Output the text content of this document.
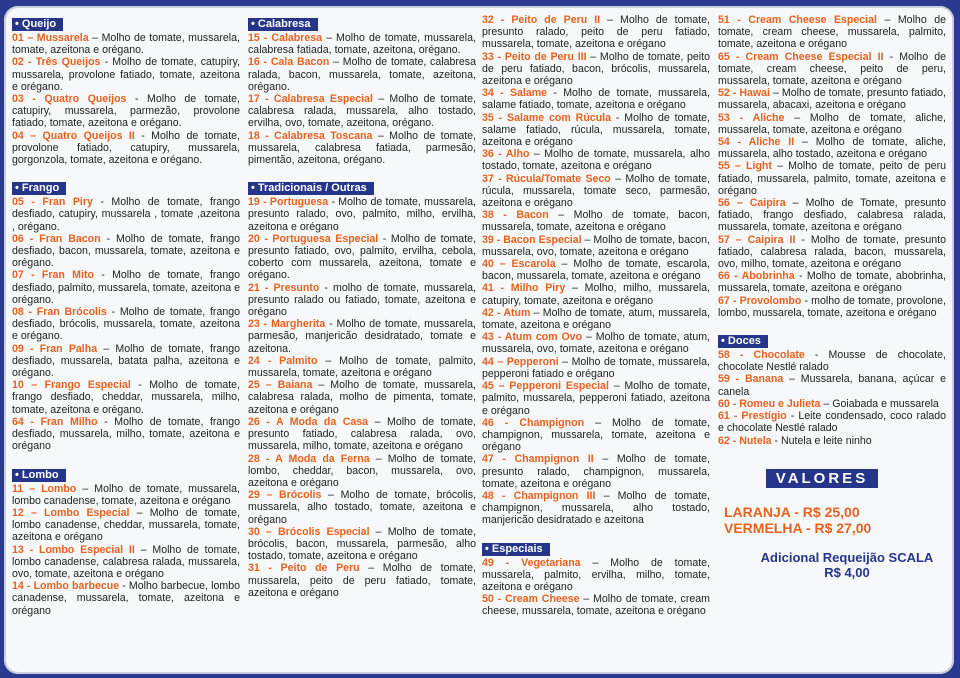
• Queijo
01 – Mussarela – Molho de tomate, mussarela, tomate, azeitona e orégano.
02 - Três Queijos - Molho de tomate, catupiry, mussarela, provolone fatiado, tomate, azeitona e orégano.
03 - Quatro Queijos - Molho de tomate, catupiry, mussarela, parmezão, provolone fatiado, tomate, azeitona e orégano.
04 – Quatro Queijos II - Molho de tomate, provolone fatiado, catupiry, mussarela, gorgonzola, tomate, azeitona e orégano.
• Frango
05 - Fran Piry - Molho de tomate, frango desfiado, catupiry, mussarela , tomate ,azeitona , orégano.
06 - Fran Bacon - Molho de tomate, frango desfiado, bacon, mussarela, tomate, azeitona e orégano.
07 - Fran Mito - Molho de tomate, frango desfiado, palmito, mussarela, tomate, azeitona e orégano.
08 - Fran Brócolis - Molho de tomate, frango desfiado, brócolis, mussarela, tomate, azeitona e orégano.
09 - Fran Palha – Molho de tomate, frango desfiado, mussarela, batata palha, azeitona e orégano.
10 – Frango Especial - Molho de tomate, frango desfiado, cheddar, mussarela, milho, tomate, azeitona e orégano.
64 - Fran Milho - Molho de tomate, frango desfiado, mussarela, milho, tomate, azeitona e orégano
• Lombo
11 – Lombo – Molho de tomate, mussarela, lombo canadense, tomate, azeitona e orégano
12 – Lombo Especial – Molho de tomate, lombo canadense, cheddar, mussarela, tomate, azeitona e orégano
13 - Lombo Especial II – Molho de tomate, lombo canadense, calabresa ralada, mussarela, ovo, tomate, azeitona e orégano
14 - Lombo barbecue - Molho barbecue, lombo canadense, mussarela, tomate, azeitona e orégano
• Calabresa
15 - Calabresa – Molho de tomate, mussarela, calabresa fatiada, tomate, azeitona, orégano.
16 - Cala Bacon – Molho de tomate, calabresa ralada, bacon, mussarela, tomate, azeitona, orégano.
17 - Calabresa Especial – Molho de tomate, calabresa ralada, mussarela, alho tostado, ervilha, ovo, tomate, azeitona, orégano.
18 - Calabresa Toscana – Molho de tomate, mussarela, calabresa fatiada, parmesão, pimentão, azeitona, orégano.
• Tradicionais / Outras
19 - Portuguesa - Molho de tomate, mussarela, presunto ralado, ovo, palmito, milho, ervilha, azeitona e orégano
20 - Portuguesa Especial - Molho de tomate, presunto fatiado, ovo, palmito, ervilha, cebola, coberto com mussarela, azeitona, tomate e orégano.
21 - Presunto - molho de tomate, mussarela, presunto ralado ou fatiado, tomate, azeitona e orégano
23 - Margherita - Molho de tomate, mussarela, parmesão, manjericão desidratado, tomate e azeitona.
24 - Palmito – Molho de tomate, palmito, mussarela, tomate, azeitona e orégano
25 – Baiana – Molho de tomate, mussarela, calabresa ralada, molho de pimenta, tomate, azeitona e orégano
26 - A Moda da Casa – Molho de tomate, presunto fatiado, calabresa ralada, ovo, mussarela, milho, tomate, azeitona e orégano
28 - A Moda da Ferna – Molho de tomate, lombo, cheddar, bacon, mussarela, ovo, azeitona e orégano
29 – Brócolis – Molho de tomate, brócolis, mussarela, alho tostado, tomate, azeitona e orégano
30 – Brócolis Especial – Molho de tomate, brócolis, bacon, mussarela, parmesão, alho tostado, tomate, azeitona e orégano
31 - Peito de Peru – Molho de tomate, mussarela, peito de peru fatiado, tomate, azeitona e orégano
32 - Peito de Peru II – Molho de tomate, presunto ralado, peito de peru fatiado, mussarela, tomate, azeitona e orégano
33 - Peito de Peru III – Molho de tomate, peito de peru fatiado, bacon, brócolis, mussarela, azeitona e orégano
34 - Salame - Molho de tomate, mussarela, salame fatiado, tomate, azeitona e orégano
35 - Salame com Rúcula - Molho de tomate, salame fatiado, rúcula, mussarela, tomate, azeitona e orégano
36 - Alho – Molho de tomate, mussarela, alho tostado, tomate, azeitona e orégano
37 - Rúcula/Tomate Seco – Molho de tomate, rúcula, mussarela, tomate seco, parmesão, azeitona e orégano
38 - Bacon – Molho de tomate, bacon, mussarela, tomate, azeitona e orégano
39 - Bacon Especial – Molho de tomate, bacon, mussarela, ovo, tomate, azeitona e orégano
40 – Escarola – Molho de tomate, escarola, bacon, mussarela, tomate, azeitona e orégano
41 - Milho Piry – Molho, milho, mussarela, catupiry, tomate, azeitona e orégano
42 - Atum – Molho de tomate, atum, mussarela, tomate, azeitona e orégano
43 - Atum com Ovo – Molho de tomate, atum, mussarela, ovo, tomate, azeitona e orégano
44 – Pepperoni – Molho de tomate, mussarela, pepperoni fatiado e orégano
45 – Pepperoni Especial – Molho de tomate, palmito, mussarela, pepperoni fatiado, azeitona e orégano
46 - Champignon – Molho de tomate, champignon, mussarela, tomate, azeitona e orégano
47 - Champignon II – Molho de tomate, presunto ralado, champignon, mussarela, tomate, azeitona e orégano
48 - Champignon III – Molho de tomate, champignon, mussarela, alho tostado, manjericão desidratado e azeitona
• Especiais
49 - Vegetariana – Molho de tomate, mussarela, palmito, ervilha, milho, tomate, azeitona e orégano
50 - Cream Cheese – Molho de tomate, cream cheese, mussarela, tomate, azeitona e orégano
51 - Cream Cheese Especial – Molho de tomate, cream cheese, mussarela, palmito, tomate, azeitona e orégano
65 - Cream Cheese Especial II - Molho de tomate, cream cheese, peito de peru, mussarela, tomate, azeitona e orégano
52 - Hawai – Molho de tomate, presunto fatiado, mussarela, abacaxi, azeitona e orégano
53 - Aliche – Molho de tomate, aliche, mussarela, tomate, azeitona e orégano
54 - Aliche II – Molho de tomate, aliche, mussarela, alho tostado, azeitona e orégano
55 – Light – Molho de tomate, peito de peru fatiado, mussarela, palmito, tomate, azeitona e orégano
56 – Caipira – Molho de Tomate, presunto fatiado, frango desfiado, calabresa ralada, mussarela, tomate, azeitona e orégano
57 – Caipira II - Molho de tomate, presunto fatiado, calabresa ralada, bacon, mussarela, ovo, milho, tomate, azeitona e orégano
66 - Abobrinha - Molho de tomate, abobrinha, mussarela, tomate, azeitona e orégano
67 - Provolombo - molho de tomate, provolone, lombo, mussarela, tomate, azeitona e orégano
• Doces
58 - Chocolate - Mousse de chocolate, chocolate Nestlé ralado
59 - Banana – Mussarela, banana, açúcar e canela
60 - Romeu e Julieta – Goiabada e mussarela
61 - Prestígio - Leite condensado, coco ralado e chocolate Nestlé ralado
62 - Nutela - Nutela e leite ninho
VALORES
LARANJA - R$ 25,00
VERMELHA - R$ 27,00
Adicional Requeijão SCALA
R$ 4,00
